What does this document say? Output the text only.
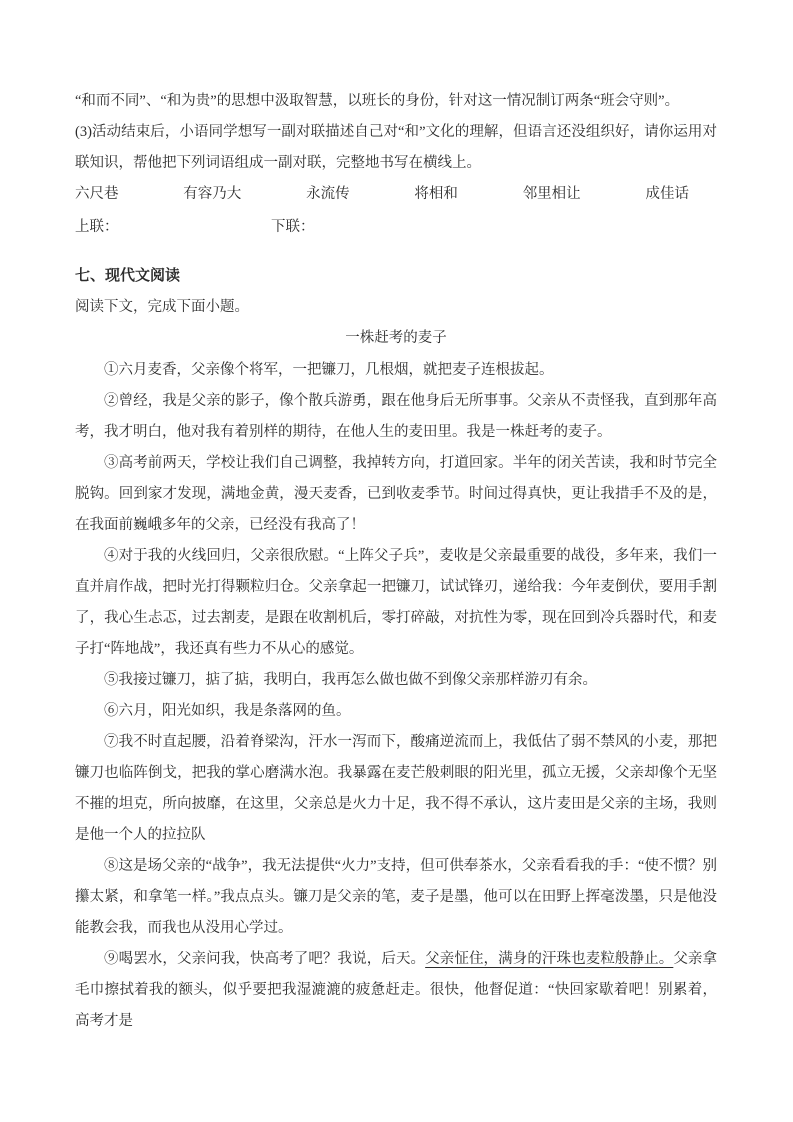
“和而不同”、“和为贵”的思想中汲取智慧，以班长的身份，针对这一情况制订两条“班会守则”。

(3)活动结束后，小语同学想写一副对联描述自己对“和”文化的理解，但语言还没组织好，请你运用对联知识，帮他把下列词语组成一副对联，完整地书写在横线上。

六尺巷	有容乃大	永流传	将相和	邻里相让	成佳话
上联：	下联：

七、现代文阅读

阅读下文，完成下面小题。

一株赶考的麦子

①六月麦香，父亲像个将军，一把镰刀，几根烟，就把麦子连根拔起。

②曾经，我是父亲的影子，像个散兵游勇，跟在他身后无所事事。父亲从不责怪我，直到那年高考，我才明白，他对我有着别样的期待，在他人生的麦田里。我是一株赶考的麦子。

③高考前两天，学校让我们自己调整，我掉转方向，打道回家。半年的闭关苦读，我和时节完全脱钩。回到家才发现，满地金黄，漫天麦香，已到收麦季节。时间过得真快，更让我措手不及的是，在我面前巍峨多年的父亲，已经没有我高了！

④对于我的火线回归，父亲很欣慰。“上阵父子兵”，麦收是父亲最重要的战役，多年来，我们一直并肩作战，把时光打得颗粒归仓。父亲拿起一把镰刀，试试锋刃，递给我：今年麦倒伏，要用手割了，我心生忐忑，过去割麦，是跟在收割机后，零打碎敲，对抗性为零，现在回到冷兵器时代，和麦子打“阵地战”，我还真有些力不从心的感觉。

⑤我接过镰刀，掂了掂，我明白，我再怎么做也做不到像父亲那样游刃有余。

⑥六月，阳光如织，我是条落网的鱼。

⑦我不时直起腰，沿着脊梁沟，汗水一泻而下，酸痛逆流而上，我低估了弱不禁风的小麦，那把镰刀也临阵倒戈，把我的掌心磨满水泡。我暴露在麦芒般刺眼的阳光里，孤立无援，父亲却像个无坚不摧的坦克，所向披靡，在这里，父亲总是火力十足，我不得不承认，这片麦田是父亲的主场，我则是他一个人的拉拉队

⑧这是场父亲的“战争”，我无法提供“火力”支持，但可供奉茶水，父亲看看我的手：“使不惯？别攥太紧，和拿笔一样。”我点点头。镰刀是父亲的笔，麦子是墨，他可以在田野上挥毫泼墨，只是他没能教会我，而我也从没用心学过。

⑨喝罢水，父亲问我，快高考了吧？我说，后天。父亲怔住，满身的汗珠也麦粒般静止。父亲拿毛巾擦拭着我的额头，似乎要把我湿漉漉的疲惫赶走。很快，他督促道：“快回家歇着吧！别累着，高考才是
